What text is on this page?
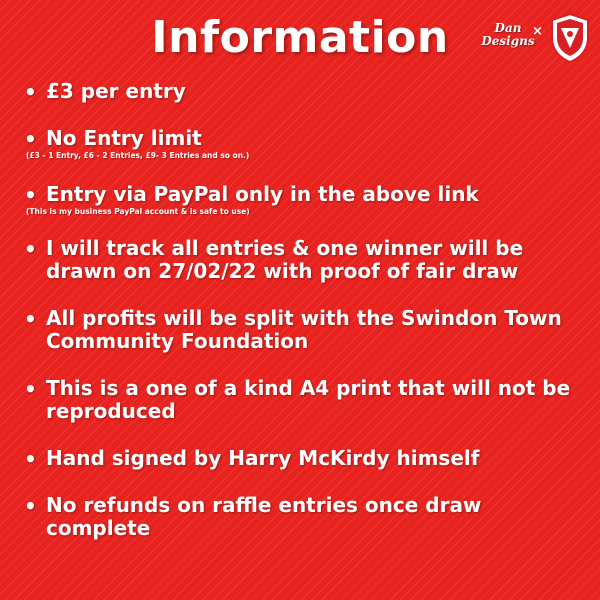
Information	Dan
Designs
×
• £3 per entry
• No Entry limit
(£3 - 1 Entry, £6 - 2 Entries, £9- 3 Entries and so on.)
• Entry via PayPal only in the above link
(This is my business PayPal account & is safe to use)
• I will track all entries & one winner will be drawn on 27/02/22 with proof of fair draw
• All profits will be split with the Swindon Town Community Foundation
• This is a one of a kind A4 print that will not be reproduced
• Hand signed by Harry McKirdy himself
• No refunds on raffle entries once draw complete
